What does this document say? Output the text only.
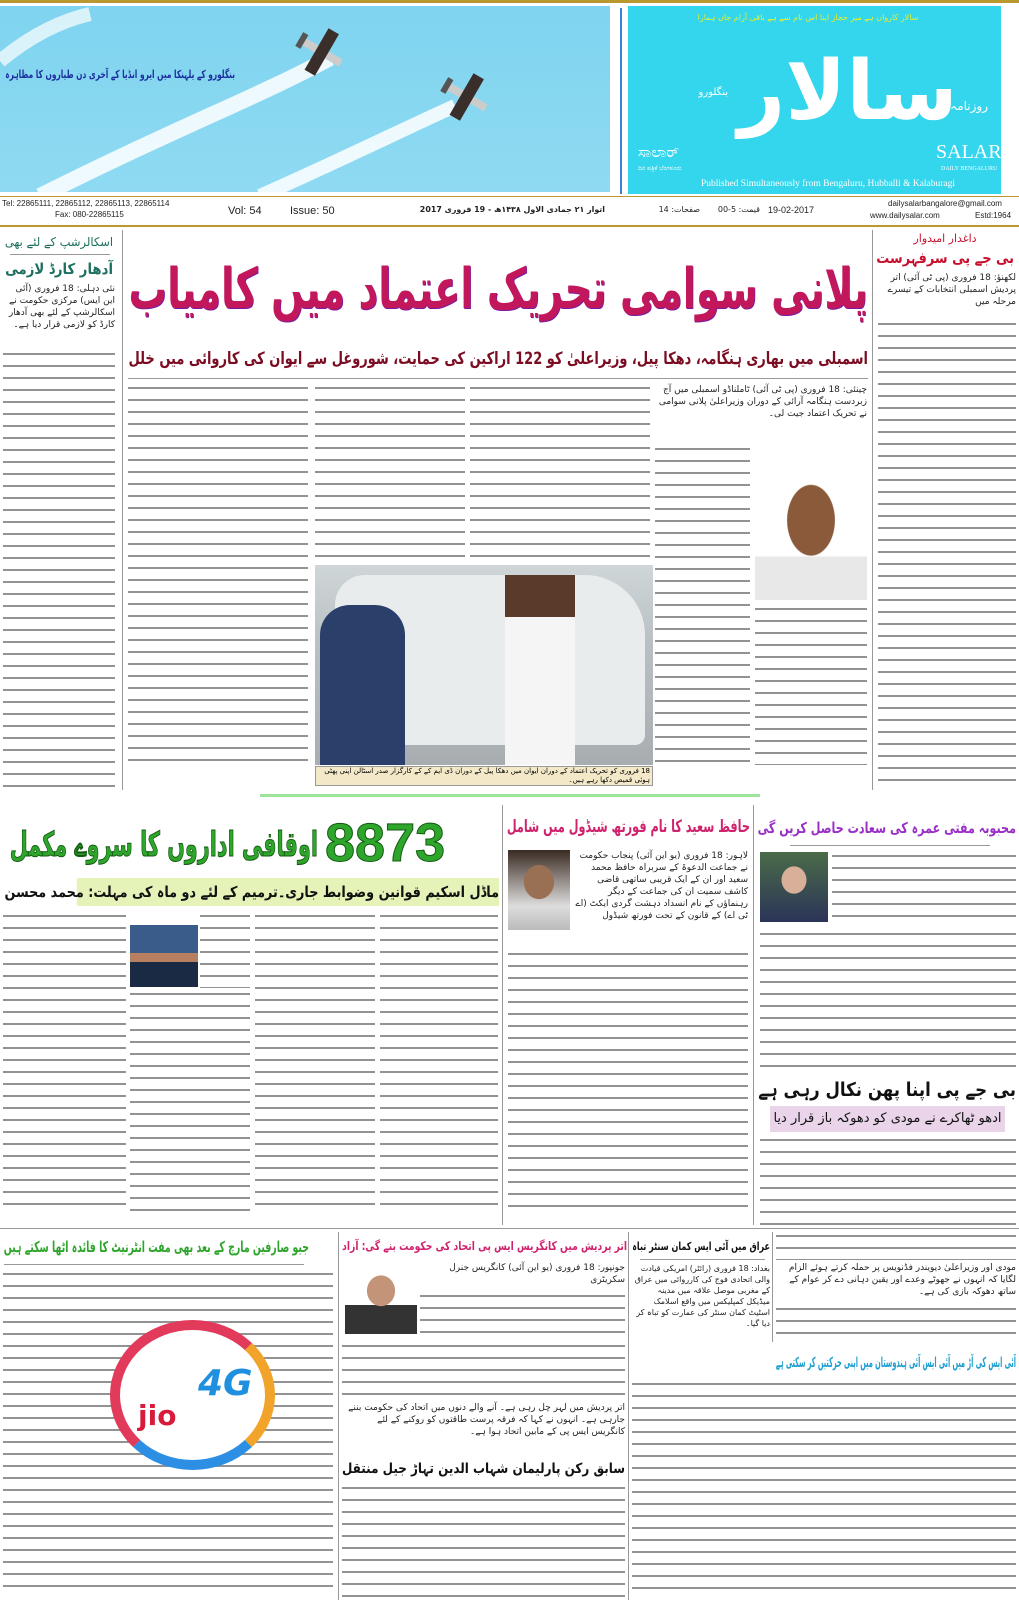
بنگلورو کے یلہنکا میں ایرو انڈیا کے آخری دن طیاروں کا مظاہرہ
سالار کارواں ہے میر حجاز اپنا اس نام سے ہے باقی آرام جاں ہمارا
سالار
روزنامہ
بنگلورو
ಸಾಲಾರ್
ದಿನ ಪತ್ರಿಕೆ ಬೆಂಗಳೂರು
SALAR
DAILY BENGALURU
Published Simultaneously from Bengaluru, Hubballi & Kalaburagi
Tel: 22865111, 22865112, 22865113, 22865114
Fax: 080-22865115	Vol: 54	Issue: 50	اتوار ۲۱ جمادی الاول ۱۴۳۸ھ - 19 فروری 2017	صفحات: 14	قیمت: 5-00 19-02-2017
dailysalarbangalore@gmail.com
www.dailysalar.com	Estd:1964
اسکالرشپ کے لئے بھی
آدھار کارڈ لازمی
نئی دہلی: 18 فروری (آئی این ایس) مرکزی حکومت نے اسکالرشپ کے لئے بھی آدھار کارڈ کو لازمی قرار دیا ہے۔
داغدار امیدوار
بی جے پی سرفہرست
لکھنؤ: 18 فروری (پی ٹی آئی) اتر پردیش اسمبلی انتخابات کے تیسرے مرحلہ میں
پلانی سوامی تحریک اعتماد میں کامیاب
اسمبلی میں بھاری ہنگامہ، دھکا پیل، وزیراعلیٰ کو 122 اراکین کی حمایت، شوروغل سے ایوان کی کاروائی میں خلل
چینئی: 18 فروری (پی ٹی آئی) ٹاملناڈو اسمبلی میں آج زبردست ہنگامہ آرائی کے دوران وزیراعلیٰ پلانی سوامی نے تحریک اعتماد جیت لی۔
18 فروری کو تحریک اعتماد کے دوران ایوان میں دھکا پیل کے دوران ڈی ایم کے کے کارگزار صدر اسٹالن اپنی پھٹی ہوئی قمیص دکھا رہے ہیں۔
8873
اوقافی اداروں کا سروے مکمل
ماڈل اسکیم قوانین وضوابط جاری۔ترمیم کے لئے دو ماہ کی مہلت: محمد محسن
حافظ سعید کا نام فورتھ شیڈول میں شامل
لاہور: 18 فروری (یو این آئی) پنجاب حکومت نے جماعت الدعوۃ کے سربراہ حافظ محمد سعید اور ان کے ایک قریبی ساتھی قاضی کاشف سمیت ان کی جماعت کے دیگر رہنماؤں کے نام انسداد دہشت گردی ایکٹ (اے ٹی اے) کے قانون کے تحت فورتھ شیڈول
محبوبہ مفتی عمرہ کی سعادت حاصل کریں گی
بی جے پی اپنا پھن نکال رہی ہے
ادھو ٹھاکرے نے مودی کو دھوکہ باز قرار دیا
جیو صارفین مارچ کے بعد بھی مفت انٹرنیٹ کا فائدہ اٹھا سکتے ہیں
jio
4G
اتر پردیش میں کانگریس ایس پی اتحاد کی حکومت بنے گی: آزاد
جونپور: 18 فروری (یو این آئی) کانگریس جنرل سکریٹری
اتر پردیش میں لہر چل رہی ہے۔ آنے والے دنوں میں اتحاد کی حکومت بننے جارہی ہے۔ انہوں نے کہا کہ فرقہ پرست طاقتوں کو روکنے کے لئے کانگریس ایس پی کے مابین اتحاد ہوا ہے۔
سابق رکن پارلیمان شہاب الدین تہاڑ جیل منتقل
عراق میں آئی ایس کمان سنٹر تباہ
بغداد: 18 فروری (رائٹر) امریکی قیادت والی اتحادی فوج کی کارروائی میں عراق کے مغربی موصل علاقہ میں مدینہ میڈیکل کمپلیکس میں واقع اسلامک اسٹیٹ کمان سنٹر کی عمارت کو تباہ کر دیا گیا۔
مودی اور وزیراعلیٰ دیویندر فڈنویس پر حملہ کرتے ہوئے الزام لگایا کہ انہوں نے جھوٹے وعدے اور یقین دہانی دے کر عوام کے ساتھ دھوکہ بازی کی ہے۔
آئی ایس کی آڑ میں آئی ایس آئی ہندوستان میں اپنی حرکتیں کر سکتی ہے
